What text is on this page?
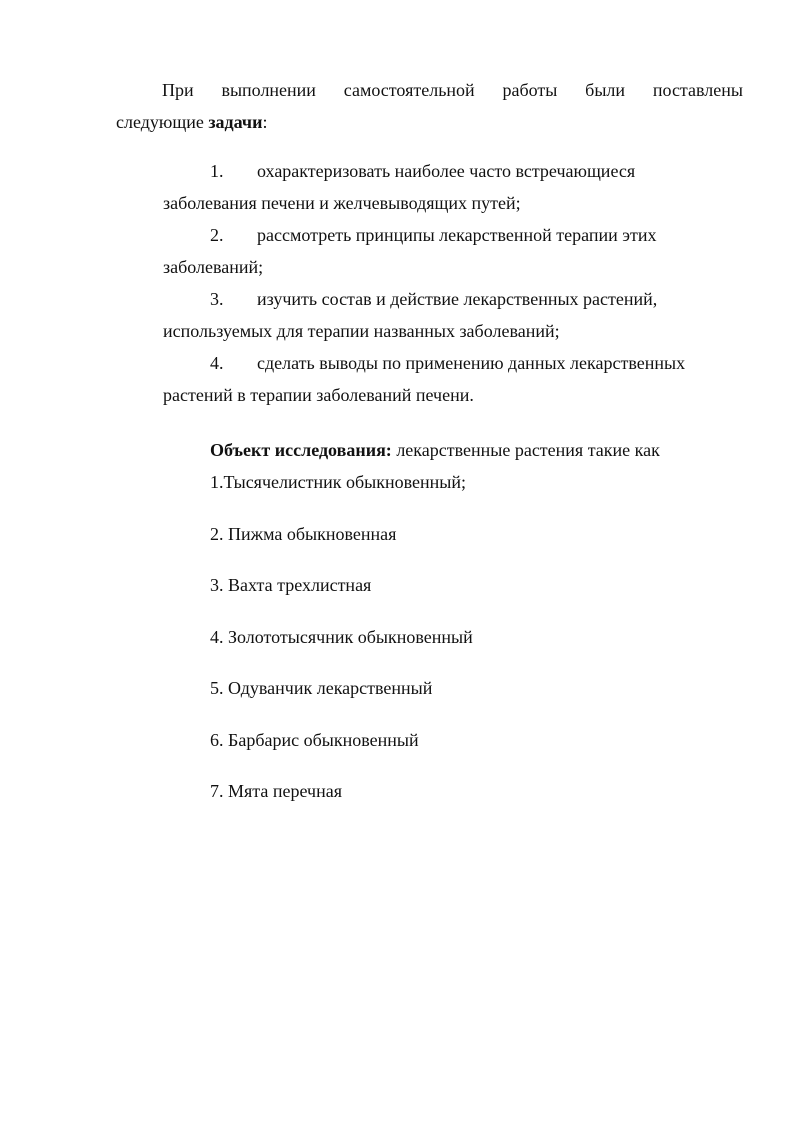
При выполнении самостоятельной работы были поставлены
следующие задачи:
1.	охарактеризовать наиболее часто встречающиеся
заболевания печени и желчевыводящих путей;
2.	рассмотреть принципы лекарственной терапии этих
заболеваний;
3.	изучить состав и действие лекарственных растений,
используемых для терапии названных заболеваний;
4.	сделать выводы по применению данных лекарственных
растений в терапии заболеваний печени.
Объект исследования: лекарственные растения такие как
1.Тысячелистник обыкновенный;
2. Пижма обыкновенная
3. Вахта трехлистная
4. Золототысячник обыкновенный
5. Одуванчик лекарственный
6. Барбарис обыкновенный
7. Мята перечная
